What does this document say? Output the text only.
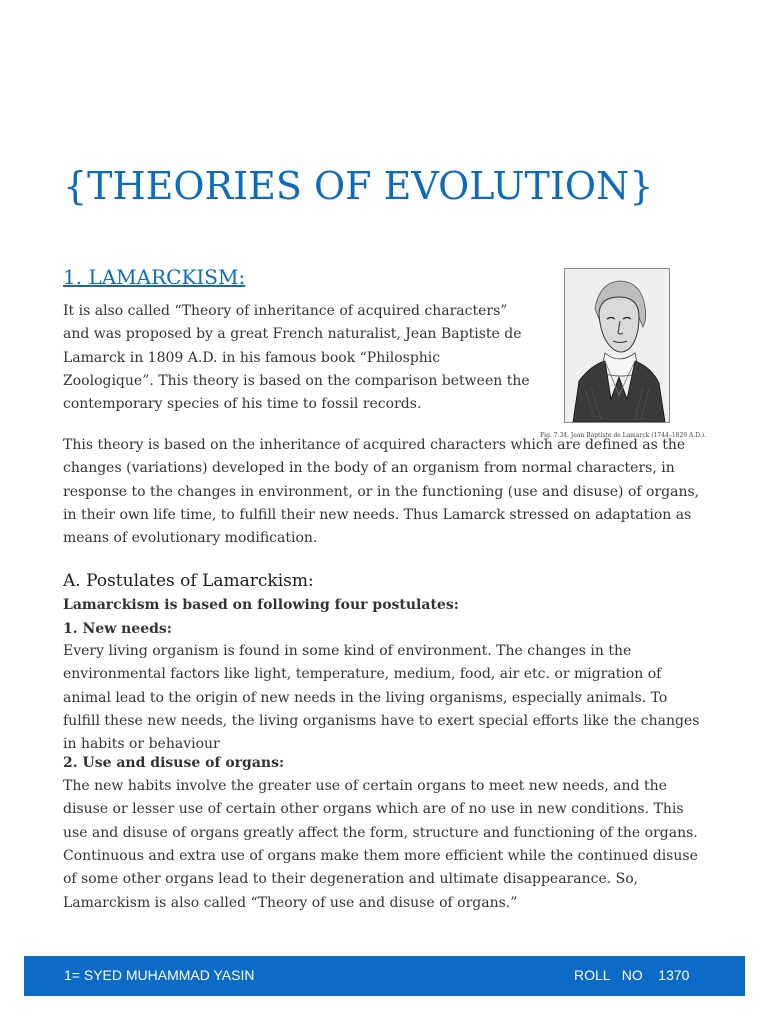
{THEORIES OF EVOLUTION}
1. LAMARCKISM:

It is also called “Theory of inheritance of acquired characters” and was proposed by a great French naturalist, Jean Baptiste de Lamarck in 1809 A.D. in his famous book “Philosphic Zoologique”. This theory is based on the comparison between the contemporary species of his time to fossil records.

Fig. 7.34. Jean Baptiste de Lamarck (1744–1829 A.D.).

This theory is based on the inheritance of acquired characters which are defined as the changes (variations) developed in the body of an organism from normal characters, in response to the changes in environment, or in the functioning (use and disuse) of organs, in their own life time, to fulfill their new needs. Thus Lamarck stressed on adaptation as means of evolutionary modification.

A. Postulates of Lamarckism:

Lamarckism is based on following four postulates:

1. New needs:

Every living organism is found in some kind of environment. The changes in the environmental factors like light, temperature, medium, food, air etc. or migration of animal lead to the origin of new needs in the living organisms, especially animals. To fulfill these new needs, the living organisms have to exert special efforts like the changes in habits or behaviour

2. Use and disuse of organs:

The new habits involve the greater use of certain organs to meet new needs, and the disuse or lesser use of certain other organs which are of no use in new conditions. This use and disuse of organs greatly affect the form, structure and functioning of the organs.

Continuous and extra use of organs make them more efficient while the continued disuse of some other organs lead to their degeneration and ultimate disappearance. So, Lamarckism is also called “Theory of use and disuse of organs.”

1= SYED MUHAMMAD YASIN	ROLL   NO    1370
